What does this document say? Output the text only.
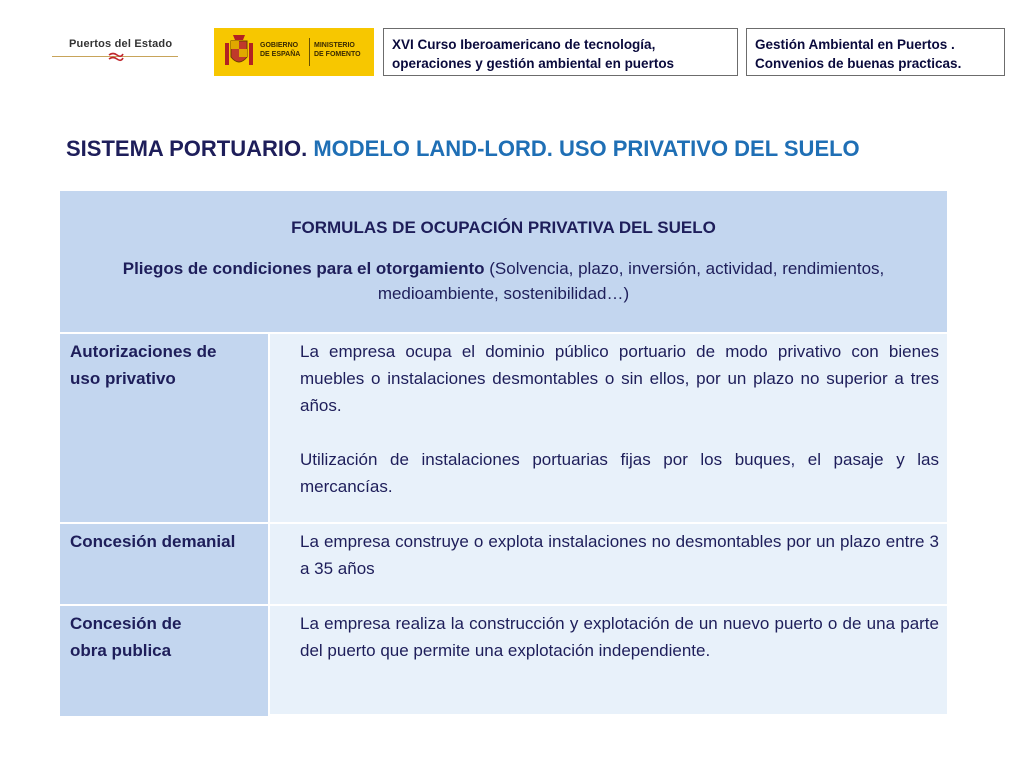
Puertos del Estado	GOBIERNO
DE ESPAÑA
MINISTERIO
DE FOMENTO
XVI Curso Iberoamericano de tecnología,
operaciones y gestión ambiental en puertos
Gestión Ambiental en Puertos .
Convenios de buenas practicas.
SISTEMA PORTUARIO. MODELO LAND-LORD. USO PRIVATIVO DEL SUELO
FORMULAS DE OCUPACIÓN PRIVATIVA DEL SUELO
Pliegos de condiciones para el otorgamiento (Solvencia, plazo, inversión, actividad, rendimientos, medioambiente, sostenibilidad…)
Autorizaciones de
uso privativo

La empresa ocupa el dominio público portuario de modo privativo con bienes muebles o instalaciones desmontables o sin ellos, por un plazo no superior a tres años.

Utilización de instalaciones portuarias fijas por los buques, el pasaje y las mercancías.

Concesión demanial	La empresa construye o explota instalaciones no desmontables por un plazo entre 3 a 35 años

Concesión de
obra publica

La empresa realiza la construcción y explotación de un nuevo puerto o de una parte del puerto que permite una explotación independiente.
